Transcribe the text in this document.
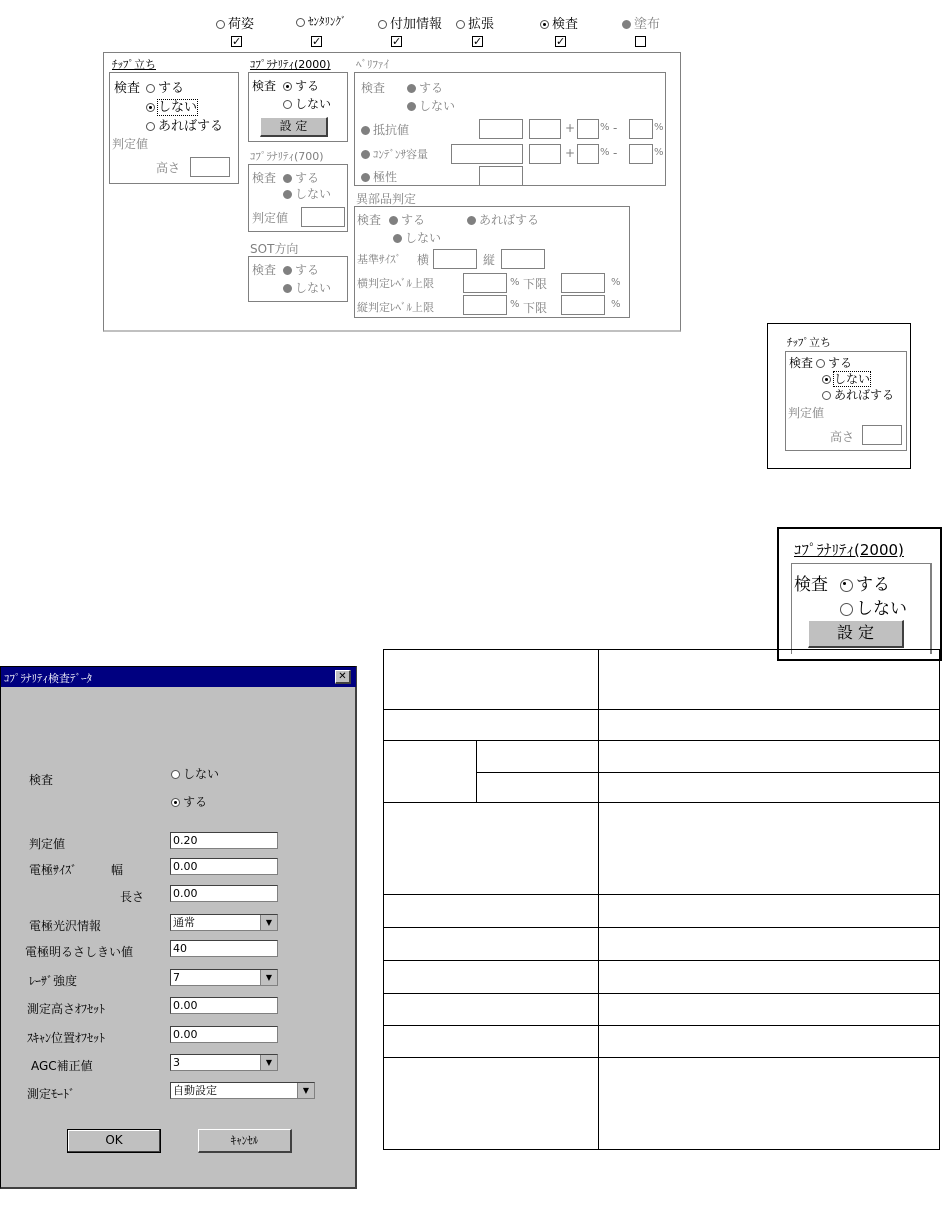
荷姿	ｾﾝﾀﾘﾝｸﾞ	付加情報	拡張	検査	塗布
✓	✓	✓	✓	✓
ﾁｯﾌﾟ立ち
検査	する
しない
あればする
判定値
高さ
ｺﾌﾟﾗﾅﾘﾃｨ(2000)
検査	する
しない
設 定
ｺﾌﾟﾗﾅﾘﾃｨ(700)
検査	する
しない
判定値
SOT方向
検査	する
しない
ﾍﾞﾘﾌｧｲ
検査	する
しない
抵抗値	+ % -	%
ｺﾝﾃﾞﾝｻ容量	+ % -	%
極性
異部品判定
検査	する	あればする
しない
基準ｻｲｽﾞ 横	縦
横判定ﾚﾍﾞﾙ上限	% 下限	%
縦判定ﾚﾍﾞﾙ上限	% 下限	%
ﾁｯﾌﾟ立ち
検査	する
しない
あればする
判定値
高さ
ｺﾌﾟﾗﾅﾘﾃｨ(2000)
検査	する
しない
設 定
ｺﾌﾟﾗﾅﾘﾃｨ検査ﾃﾞｰﾀ	✕
検査	しない
する
判定値	0.20
電極ｻｲｽﾞ	幅	0.00
長さ	0.00
電極光沢情報	通常	▼
電極明るさしきい値	40
ﾚｰｻﾞ強度	7	▼
測定高さｵﾌｾｯﾄ	0.00
ｽｷｬﾝ位置ｵﾌｾｯﾄ	0.00
AGC補正値	3	▼
測定ﾓｰﾄﾞ	自動設定	▼
OK	ｷｬﾝｾﾙ
